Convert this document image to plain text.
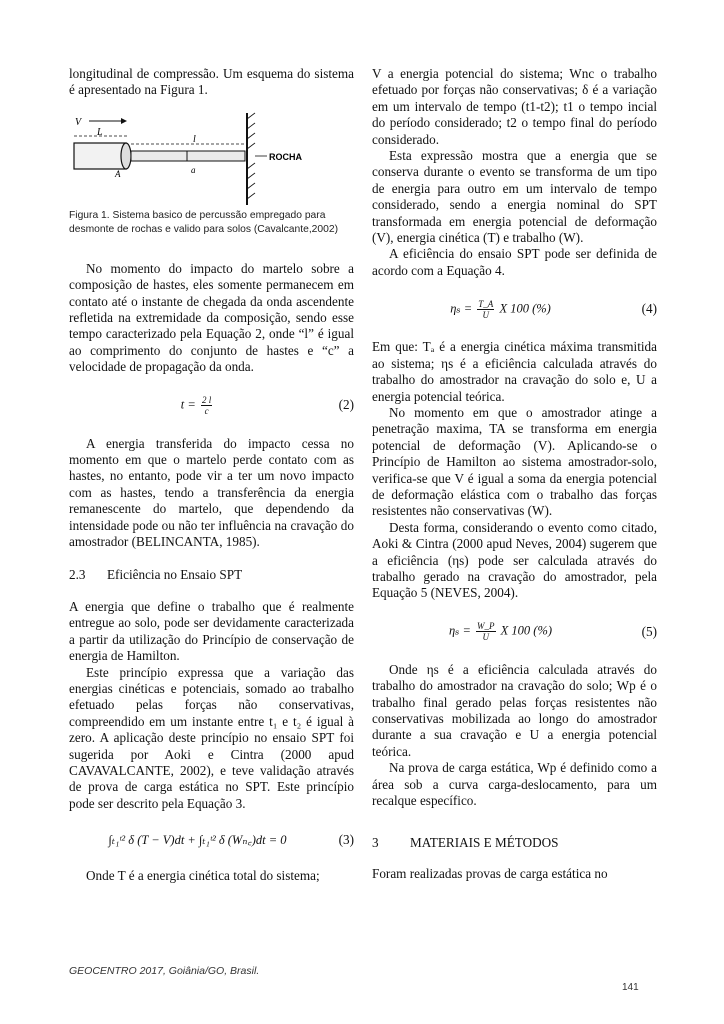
longitudinal de compressão. Um esquema do sistema é apresentado na Figura 1.

V
L
A	a
l
ROCHA

Figura 1. Sistema basico de percussão empregado para desmonte de rochas e valido para solos (Cavalcante,2002)

No momento do impacto do martelo sobre a composição de hastes, eles somente permanecem em contato até o instante de chegada da onda ascendente refletida na extremidade da composição, sendo esse tempo caracterizado pela Equação 2, onde “l” é igual ao comprimento do conjunto de hastes e “c” a velocidade de propagação da onda.

$t = \frac{2 l}{c}$	(2)

A energia transferida do impacto cessa no momento em que o martelo perde contato com as hastes, no entanto, pode vir a ter um novo impacto com as hastes, tendo a transferência da energia remanescente do martelo, que dependendo da intensidade pode ou não ter influência na cravação do amostrador (BELINCANTA, 1985).

2.3	Eficiência no Ensaio SPT

A energia que define o trabalho que é realmente entregue ao solo, pode ser devidamente caracterizada a partir da utilização do Princípio de conservação de energia de Hamilton.

Este princípio expressa que a variação das energias cinéticas e potenciais, somado ao trabalho efetuado pelas forças não conservativas, compreendido em um instante entre t₁ e t₂ é igual à zero. A aplicação deste princípio no ensaio SPT foi sugerida por Aoki e Cintra (2000 apud CAVAVALCANTE, 2002), e teve validação através de prova de carga estática no SPT. Este princípio pode ser descrito pela Equação 3.

∫ₜ₁ᵗ² δ (T − V)dt + ∫ₜ₁ᵗ² δ (Wₙ꜀)dt = 0	(3)

Onde T é a energia cinética total do sistema;

V a energia potencial do sistema; Wnc o trabalho efetuado por forças não conservativas; δ é a variação em um intervalo de tempo (t1-t2); t1 o tempo incial do período considerado; t2 o tempo final do período considerado.

Esta expressão mostra que a energia que se conserva durante o evento se transforma de um tipo de energia para outro em um intervalo de tempo considerado, sendo a energia nominal do SPT transformada em energia potencial de deformação (V), energia cinética (T) e trabalho (W).

A eficiência do ensaio SPT pode ser definida de acordo com a Equação 4.

$\eta_s = \frac{T\_A}{U}$ X 100 (%)	(4)

Em que: Tₐ é a energia cinética máxima transmitida ao sistema; ηs é a eficiência calculada através do trabalho do amostrador na cravação do solo e, U a energia potencial teórica.

No momento em que o amostrador atinge a penetração maxima, TA se transforma em energia potencial de deformação (V). Aplicando-se o Princípio de Hamilton ao sistema amostrador-solo, verifica-se que V é igual a soma da energia potencial de deformação elástica com o trabalho das forças resistentes não conservativas (W).

Desta forma, considerando o evento como citado, Aoki & Cintra (2000 apud Neves, 2004) sugerem que a eficiência (ηs) pode ser calculada através do trabalho gerado na cravação do amostrador, pela Equação 5 (NEVES, 2004).

$\eta_s = \frac{W\_P}{U}$ X 100 (%)	(5)

Onde ηs é a eficiência calculada através do trabalho do amostrador na cravação do solo; Wp é o trabalho final gerado pelas forças resistentes não conservativas mobilizada ao longo do amostrador durante a sua cravação e U a energia potencial teórica.

Na prova de carga estática, Wp é definido como a área sob a curva carga-deslocamento, para um recalque específico.

3	MATERIAIS E MÉTODOS

Foram realizadas provas de carga estática no

GEOCENTRO 2017, Goiânia/GO, Brasil.
141
